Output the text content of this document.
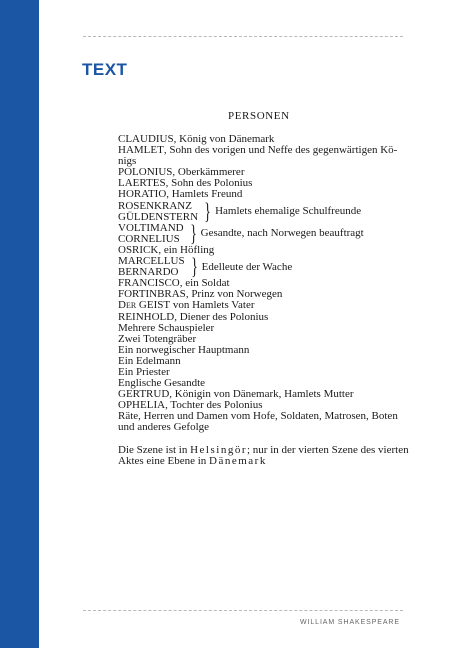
TEXT
PERSONEN
CLAUDIUS, König von Dänemark
HAMLET, Sohn des vorigen und Neffe des gegenwärtigen Kö-
nigs
POLONIUS, Oberkämmerer
LAERTES, Sohn des Polonius
HORATIO, Hamlets Freund
ROSENKRANZ
GÜLDENSTERN } Hamlets ehemalige Schulfreunde
VOLTIMAND
CORNELIUS } Gesandte, nach Norwegen beauftragt
OSRICK, ein Höfling
MARCELLUS
BERNARDO } Edelleute der Wache
FRANCISCO, ein Soldat
FORTINBRAS, Prinz von Norwegen
Der GEIST von Hamlets Vater
REINHOLD, Diener des Polonius
Mehrere Schauspieler
Zwei Totengräber
Ein norwegischer Hauptmann
Ein Edelmann
Ein Priester
Englische Gesandte
GERTRUD, Königin von Dänemark, Hamlets Mutter
OPHELIA, Tochter des Polonius
Räte, Herren und Damen vom Hofe, Soldaten, Matrosen, Boten
und anderes Gefolge
Die Szene ist in Helsingör; nur in der vierten Szene des vierten
Aktes eine Ebene in Dänemark
WILLIAM SHAKESPEARE
